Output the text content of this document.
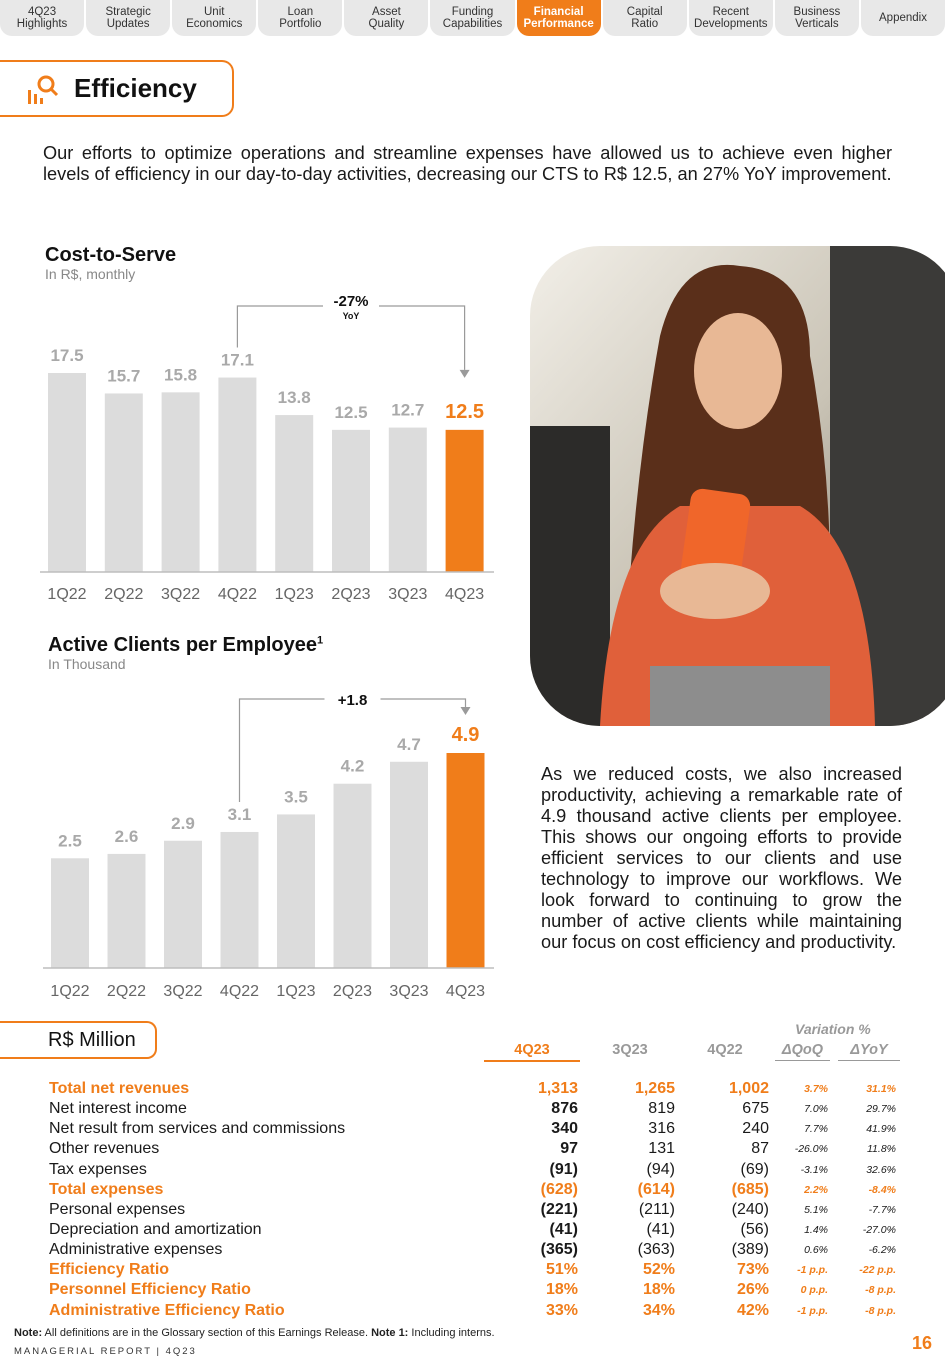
4Q23
Highlights
Strategic
Updates
Unit
Economics
Loan
Portfolio
Asset
Quality
Funding
Capabilities
Financial
Performance
Capital
Ratio
Recent
Developments
Business
Verticals	Appendix
Efficiency

Our efforts to optimize operations and streamline expenses have allowed us to achieve even higher levels of efficiency in our day-to-day activities, decreasing our CTS to R$ 12.5, an 27% YoY improvement.

Cost-to-Serve
In R$, monthly
17.5
1Q22
15.7
2Q22
15.8
3Q22
17.1
4Q22
13.8
1Q23
12.5
2Q23
12.7
3Q23
12.5
4Q23
-27%
YoY
Active Clients per Employee$^1$
In Thousand
2.5
1Q22
2.6
2Q22
2.9
3Q22
3.1
4Q22
3.5
1Q23
4.2
2Q23
4.7
3Q23
4.9
4Q23
+1.8

As we reduced costs, we also increased productivity, achieving a remarkable rate of 4.9 thousand active clients per employee. This shows our ongoing efforts to provide efficient services to our clients and use technology to improve our workflows. We look forward to continuing to grow the number of active clients while maintaining our focus on cost efficiency and productivity.

R$ Million	Variation %
4Q23	3Q23	4Q22	ΔQoQ	ΔYoY
Total net revenues	1,313	1,265	1,002	3.7%	31.1%
Net interest income	876	819	675	7.0%	29.7%
Net result from services and commissions	340	316	240	7.7%	41.9%
Other revenues	97	131	87 -26.0%	11.8%
Tax expenses	(91)	(94)	(69)	-3.1%	32.6%
Total expenses	(628)	(614)	(685)	2.2%	-8.4%
Personal expenses	(221)	(211)	(240)	5.1%	-7.7%
Depreciation and amortization	(41)	(41)	(56)	1.4%	-27.0%
Administrative expenses	(365)	(363)	(389)	0.6%	-6.2%
Efficiency Ratio	51%	52%	73%	-1 p.p.	-22 p.p.
Personnel Efficiency Ratio	18%	18%	26%	0 p.p.	-8 p.p.
Administrative Efficiency Ratio	33%	34%	42%	-1 p.p.	-8 p.p.
Note: All definitions are in the Glossary section of this Earnings Release. Note 1: Including interns.
MANAGERIAL REPORT | 4Q23	16
